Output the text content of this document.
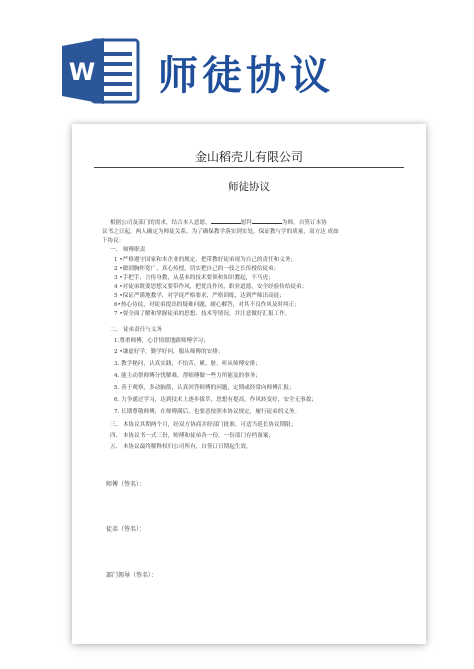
W 师徒协议
金山稻壳儿有限公司
师徒协议
根据公司及部门的需求，结合本人意愿，	愿拜	为师，自签订本协
议书之日起，两人确定为师徒关系。为了确保教学落实到实处，保证教与学的质量，双方达 成如
下协议：
一、 师傅职责
1 •严格遵守国家和本企业的规定，把带教好徒弟视为自己的责任和义务；
2 •做到胸怀宽广，真心传授，切实把自己的一技之长传授给徒弟；
3 •手把手，言传身教，从基本的技术要领和知识教起，不马虎；
4 •对徒弟既要思想又要带作风，把优良作风，职业道德，安全经验传给徒弟；
5 •保证严谨地教学，对学徒严格要求，严格训练，达到严师出高徒；
6•热心待徒，对徒弟提出的疑难问题，耐心解答，对其不良作风及时纠正；
7 •要全面了解和掌握徒弟的思想、技术等情况，并注意做好汇报工作。
二、 徒弟责任与义务
1.尊重师傅，心甘情愿地跟师傅学习；
2 •谦虚好学，勤学好问，服从师傅的安排；
3. 教学秘问，认真实践，不怕苦，累、脏，听从师傅安排；
4. 能主动帮师傅分忧解难，帮师傅做一些力所能及的事务；
5. 善于观察，多动脑筋，认真回答师傅的问题，定期或经常向师傅汇报；
6. 力争通过学习，达到技术上逐步拔萃，思想有提高，作风转变好，安全无事故；
7. 长期尊敬师傅，在师傅满后，也要意按照本协议规定，履行徒弟的义务。
三、 本协议其期两个月，经双方协商并经部门批准，可适当延长协议期限；
四、 本协议书一式三份，师傅和徒弟各一份，一份部门存档备案；
五、 本协议最终解释权归公司所有，自签订日期起生效。
师傅（签名）：
徒弟（签名）：
部门领导（签名）：
